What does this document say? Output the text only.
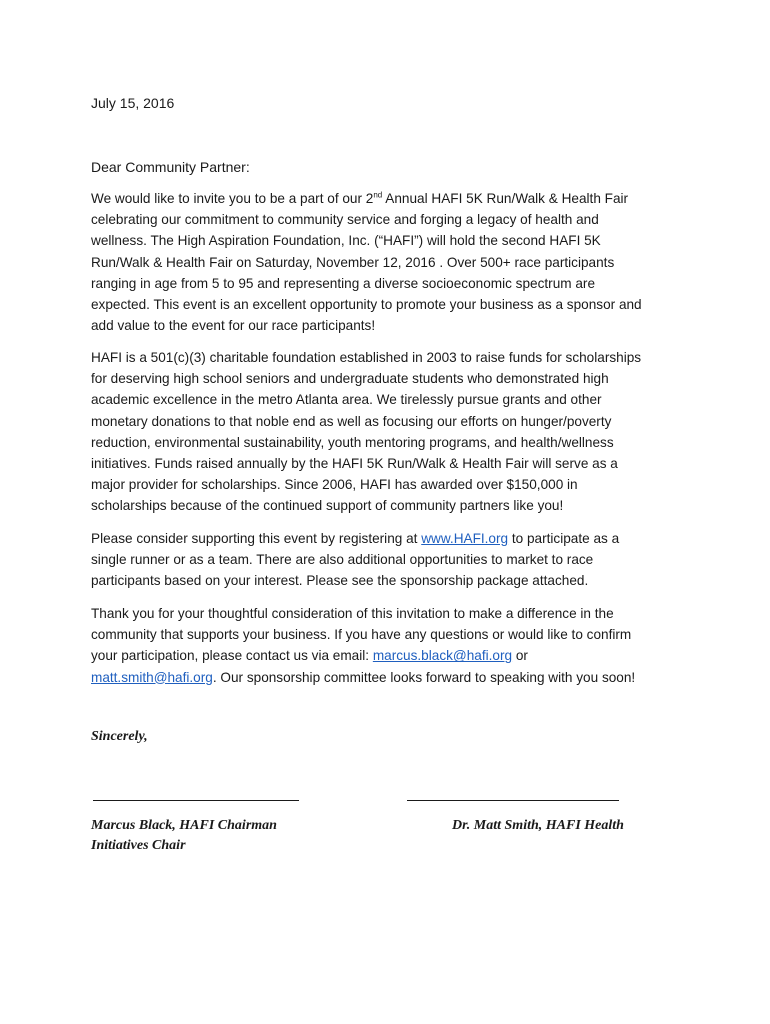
July 15, 2016
Dear Community Partner:
We would like to invite you to be a part of our 2nd Annual HAFI 5K Run/Walk & Health Fair
celebrating our commitment to community service and forging a legacy of health and
wellness. The High Aspiration Foundation, Inc. (“HAFI”) will hold the second HAFI 5K
Run/Walk & Health Fair on Saturday, November 12, 2016 . Over 500+ race participants
ranging in age from 5 to 95 and representing a diverse socioeconomic spectrum are
expected. This event is an excellent opportunity to promote your business as a sponsor and
add value to the event for our race participants!
HAFI is a 501(c)(3) charitable foundation established in 2003 to raise funds for scholarships
for deserving high school seniors and undergraduate students who demonstrated high
academic excellence in the metro Atlanta area. We tirelessly pursue grants and other
monetary donations to that noble end as well as focusing our efforts on hunger/poverty
reduction, environmental sustainability, youth mentoring programs, and health/wellness
initiatives. Funds raised annually by the HAFI 5K Run/Walk & Health Fair will serve as a
major provider for scholarships. Since 2006, HAFI has awarded over $150,000 in
scholarships because of the continued support of community partners like you!
Please consider supporting this event by registering at www.HAFI.org to participate as a
single runner or as a team. There are also additional opportunities to market to race
participants based on your interest. Please see the sponsorship package attached.
Thank you for your thoughtful consideration of this invitation to make a difference in the
community that supports your business. If you have any questions or would like to confirm
your participation, please contact us via email: marcus.black@hafi.org or
matt.smith@hafi.org. Our sponsorship committee looks forward to speaking with you soon!
Sincerely,
Marcus Black, HAFI Chairman Initiatives Chair
Dr. Matt Smith, HAFI Health
